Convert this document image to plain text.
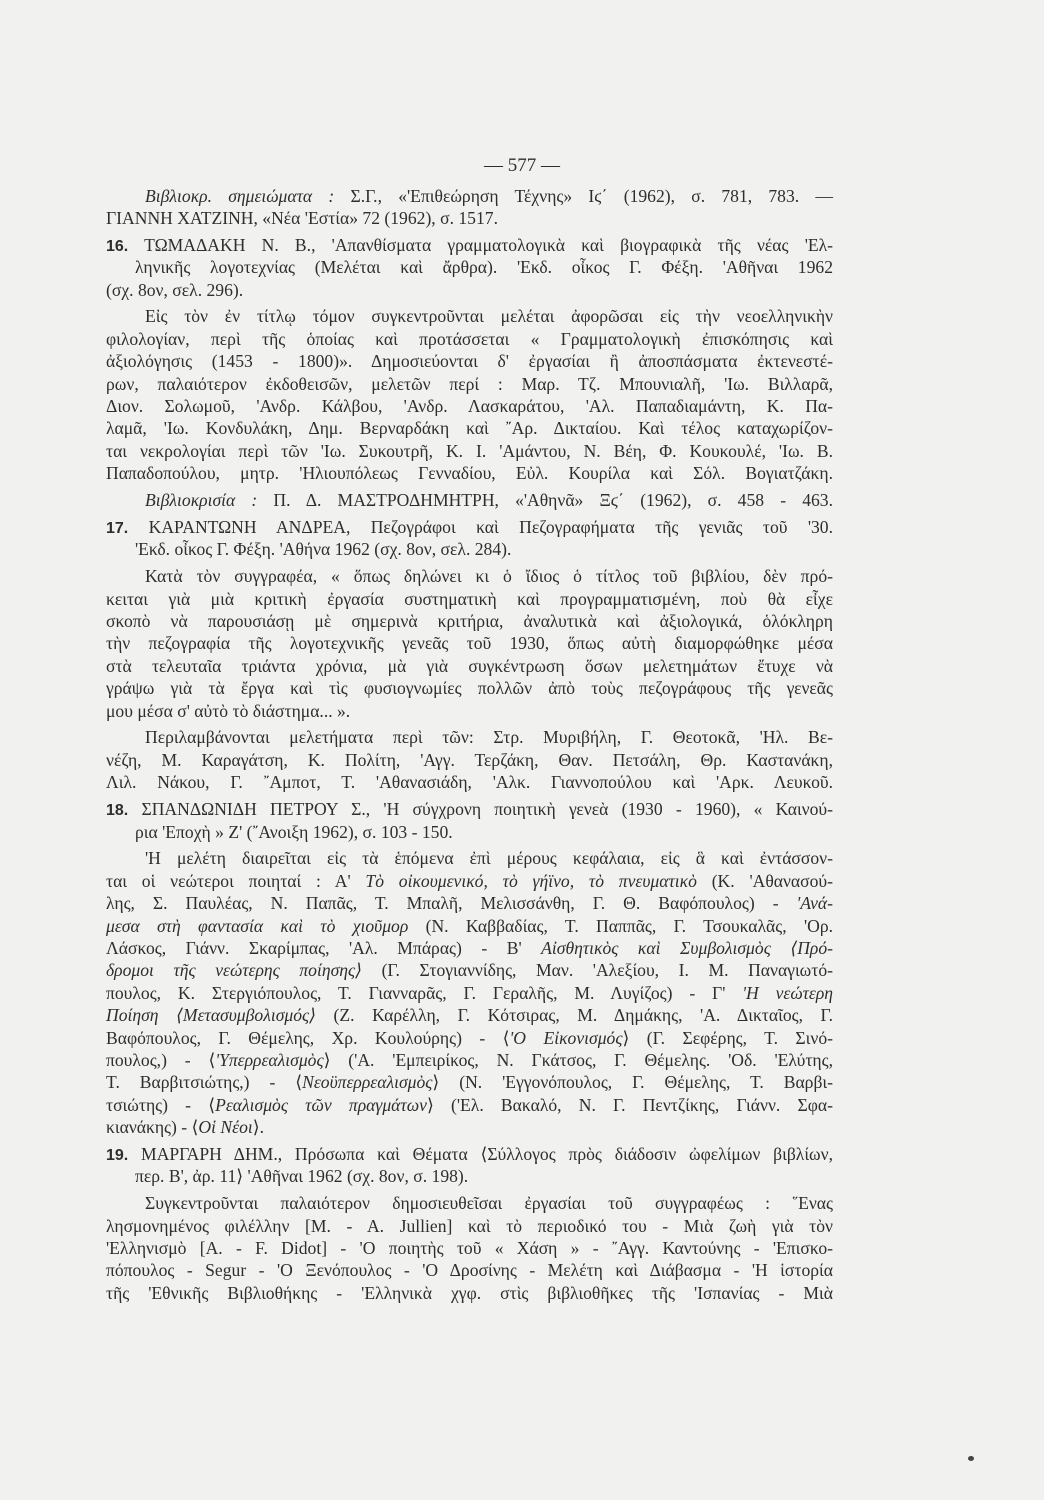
— 577 —
Βιβλιοκρ. σημειώματα : Σ.Γ., «'Επιθεώρηση Τέχνης» Ιϛ΄ (1962), σ. 781, 783. —
ΓΙΑΝΝΗ ΧΑΤΖΙΝΗ, «Νέα 'Εστία» 72 (1962), σ. 1517.
16. ΤΩΜΑΔΑΚΗ Ν. Β., 'Απανθίσματα γραμματολογικὰ καὶ βιογραφικὰ τῆς νέας 'Ελ-
ληνικῆς λογοτεχνίας (Μελέται καὶ ἄρθρα). 'Εκδ. οἶκος Γ. Φέξη. 'Αθῆναι 1962
(σχ. 8ον, σελ. 296).
Εἰς τὸν ἐν τίτλῳ τόμον συγκεντροῦνται μελέται ἀφορῶσαι εἰς τὴν νεοελληνικὴν
φιλολογίαν, περὶ τῆς ὁποίας καὶ προτάσσεται « Γραμματολογικὴ ἐπισκόπησις καὶ
ἀξιολόγησις (1453 - 1800)». Δημοσιεύονται δ' ἐργασίαι ἢ ἀποσπάσματα ἐκτενεστέ-
ρων, παλαιότερον ἐκδοθεισῶν, μελετῶν περί : Μαρ. Τζ. Μπουνιαλῆ, 'Ιω. Βιλλαρᾶ,
Διον. Σολωμοῦ, 'Ανδρ. Κάλβου, 'Ανδρ. Λασκαράτου, 'Αλ. Παπαδιαμάντη, Κ. Πα-
λαμᾶ, 'Ιω. Κονδυλάκη, Δημ. Βερναρδάκη καὶ ῎Αρ. Δικταίου. Καὶ τέλος καταχωρίζον-
ται νεκρολογίαι περὶ τῶν 'Ιω. Συκουτρῆ, Κ. Ι. 'Αμάντου, Ν. Βέη, Φ. Κουκουλέ, 'Ιω. Β.
Παπαδοπούλου, μητρ. 'Ηλιουπόλεως Γενναδίου, Εὐλ. Κουρίλα καὶ Σόλ. Βογιατζάκη.
Βιβλιοκρισία : Π. Δ. ΜΑΣΤΡΟΔΗΜΗΤΡΗ, «'Αθηνᾶ» Ξϛ΄ (1962), σ. 458 - 463.
17. ΚΑΡΑΝΤΩΝΗ ΑΝΔΡΕΑ, Πεζογράφοι καὶ Πεζογραφήματα τῆς γενιᾶς τοῦ '30.
'Εκδ. οἶκος Γ. Φέξη. 'Αθήνα 1962 (σχ. 8ον, σελ. 284).
Κατὰ τὸν συγγραφέα, « ὅπως δηλώνει κι ὁ ἴδιος ὁ τίτλος τοῦ βιβλίου, δὲν πρό-
κειται γιὰ μιὰ κριτικὴ ἐργασία συστηματικὴ καὶ προγραμματισμένη, ποὺ θὰ εἶχε
σκοπὸ νὰ παρουσιάσῃ μὲ σημερινὰ κριτήρια, ἀναλυτικὰ καὶ ἀξιολογικά, ὁλόκληρη
τὴν πεζογραφία τῆς λογοτεχνικῆς γενεᾶς τοῦ 1930, ὅπως αὐτὴ διαμορφώθηκε μέσα
στὰ τελευταῖα τριάντα χρόνια, μὰ γιὰ συγκέντρωση ὅσων μελετημάτων ἔτυχε νὰ
γράψω γιὰ τὰ ἔργα καὶ τὶς φυσιογνωμίες πολλῶν ἀπὸ τοὺς πεζογράφους τῆς γενεᾶς
μου μέσα σ' αὐτὸ τὸ διάστημα... ».
Περιλαμβάνονται μελετήματα περὶ τῶν: Στρ. Μυριβήλη, Γ. Θεοτοκᾶ, 'Ηλ. Βε-
νέζη, Μ. Καραγάτση, Κ. Πολίτη, 'Αγγ. Τερζάκη, Θαν. Πετσάλη, Θρ. Καστανάκη,
Λιλ. Νάκου, Γ. ῎Αμποτ, Τ. 'Αθανασιάδη, 'Αλκ. Γιαννοπούλου καὶ 'Αρκ. Λευκοῦ.
18. ΣΠΑΝΔΩΝΙΔΗ ΠΕΤΡΟΥ Σ., 'Η σύγχρονη ποιητικὴ γενεὰ (1930 - 1960), « Καινού-
ρια 'Εποχὴ » Ζ' (῎Ανοιξη 1962), σ. 103 - 150.
'Η μελέτη διαιρεῖται εἰς τὰ ἑπόμενα ἐπὶ μέρους κεφάλαια, εἰς ἃ καὶ ἐντάσσον-
ται οἱ νεώτεροι ποιηταί : Α' Τὸ οἰκουμενικό, τὸ γήϊνο, τὸ πνευματικὸ (Κ. 'Αθανασού-
λης, Σ. Παυλέας, Ν. Παπᾶς, Τ. Μπαλῆ, Μελισσάνθη, Γ. Θ. Βαφόπουλος) - 'Ανά-
μεσα στὴ φαντασία καὶ τὸ χιοῦμορ (Ν. Καββαδίας, Τ. Παππᾶς, Γ. Τσουκαλᾶς, 'Ορ.
Λάσκος, Γιάνν. Σκαρίμπας, 'Αλ. Μπάρας) - Β' Αἰσθητικὸς καὶ Συμβολισμὸς ⟨Πρό-
δρομοι τῆς νεώτερης ποίησης⟩ (Γ. Στογιαννίδης, Μαν. 'Αλεξίου, Ι. Μ. Παναγιωτό-
πουλος, Κ. Στεργιόπουλος, Τ. Γιανναρᾶς, Γ. Γεραλῆς, Μ. Λυγίζος) - Γ' 'Η νεώτερη
Ποίηση ⟨Μετασυμβολισμός⟩ (Ζ. Καρέλλη, Γ. Κότσιρας, Μ. Δημάκης, 'Α. Δικταῖος, Γ.
Βαφόπουλος, Γ. Θέμελης, Χρ. Κουλούρης) - ⟨'Ο Εἰκονισμός⟩ (Γ. Σεφέρης, Τ. Σινό-
πουλος,) - ⟨'Υπερρεαλισμὸς⟩ ('Α. 'Εμπειρίκος, Ν. Γκάτσος, Γ. Θέμελης. 'Οδ. 'Ελύτης,
Τ. Βαρβιτσιώτης,) - ⟨Νεοϋπερρεαλισμὸς⟩ (Ν. 'Εγγονόπουλος, Γ. Θέμελης, Τ. Βαρβι-
τσιώτης) - ⟨Ρεαλισμὸς τῶν πραγμάτων⟩ ('Ελ. Βακαλό, Ν. Γ. Πεντζίκης, Γιάνν. Σφα-
κιανάκης) - ⟨Οἱ Νέοι⟩.
19. ΜΑΡΓΑΡΗ ΔΗΜ., Πρόσωπα καὶ Θέματα ⟨Σύλλογος πρὸς διάδοσιν ὠφελίμων βιβλίων,
περ. Β', ἀρ. 11⟩ 'Αθῆναι 1962 (σχ. 8ον, σ. 198).
Συγκεντροῦνται παλαιότερον δημοσιευθεῖσαι ἐργασίαι τοῦ συγγραφέως : ῞Ενας
λησμονημένος φιλέλλην [Μ. - Α. Jullien] καὶ τὸ περιοδικό του - Μιὰ ζωὴ γιὰ τὸν
'Ελληνισμὸ [Α. - F. Didot] - 'Ο ποιητὴς τοῦ « Χάση » - ῎Αγγ. Καντούνης - 'Επισκο-
πόπουλος - Segur - 'Ο Ξενόπουλος - 'Ο Δροσίνης - Μελέτη καὶ Διάβασμα - 'Η ἱστορία
τῆς 'Εθνικῆς Βιβλιοθήκης - 'Ελληνικὰ χγφ. στὶς βιβλιοθῆκες τῆς 'Ισπανίας - Μιὰ
